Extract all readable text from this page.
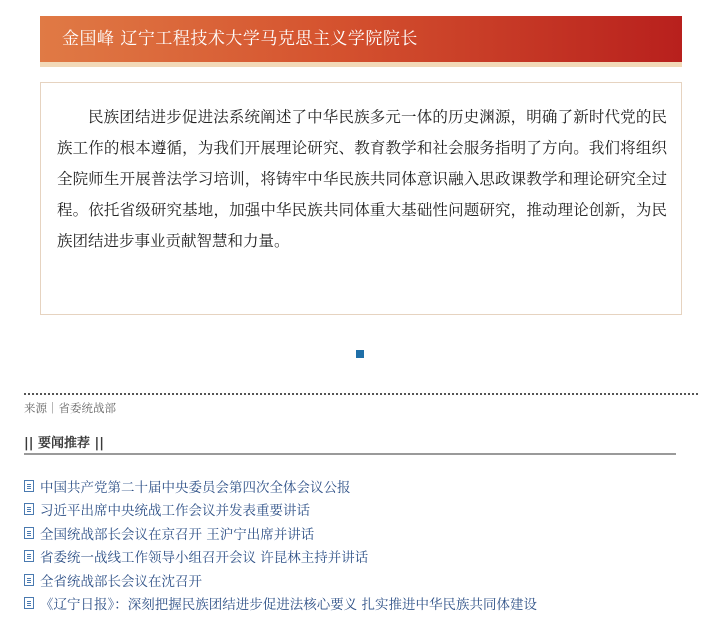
金国峰 辽宁工程技术大学马克思主义学院院长

民族团结进步促进法系统阐述了中华民族多元一体的历史渊源，明确了新时代党的民族工作的根本遵循，为我们开展理论研究、教育教学和社会服务指明了方向。我们将组织全院师生开展普法学习培训，将铸牢中华民族共同体意识融入思政课教学和理论研究全过程。依托省级研究基地，加强中华民族共同体重大基础性问题研究，推动理论创新，为民族团结进步事业贡献智慧和力量。

来源｜省委统战部
|| 要闻推荐 ||
中国共产党第二十届中央委员会第四次全体会议公报
习近平出席中央统战工作会议并发表重要讲话
全国统战部长会议在京召开 王沪宁出席并讲话
省委统一战线工作领导小组召开会议 许昆林主持并讲话
全省统战部长会议在沈召开
《辽宁日报》：深刻把握民族团结进步促进法核心要义 扎实推进中华民族共同体建设
